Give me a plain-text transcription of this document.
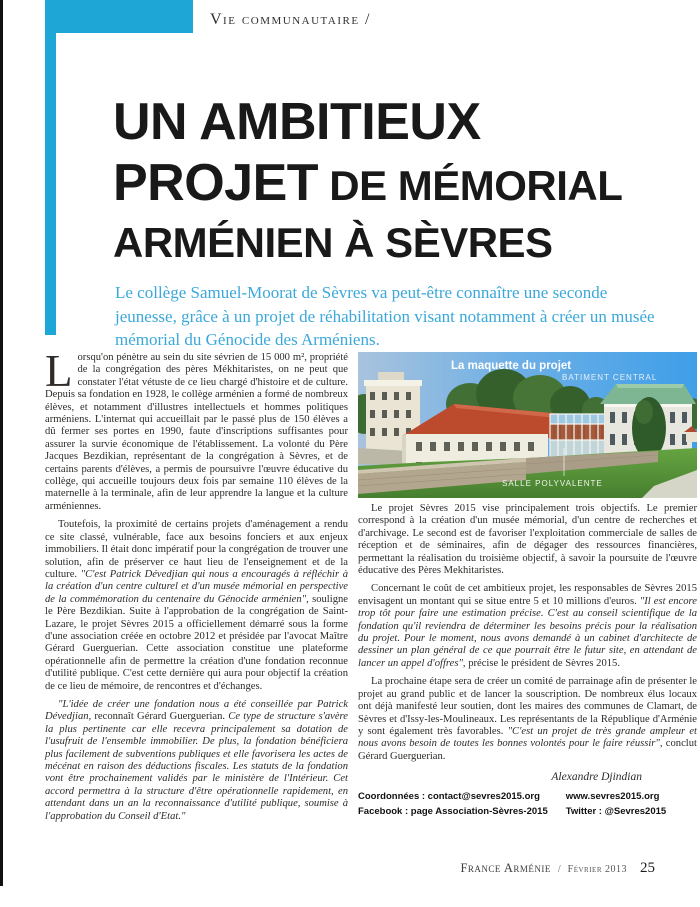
Vie communautaire /
UN AMBITIEUX
PROJET DE MÉMORIAL
ARMÉNIEN À SÈVRES
Le collège Samuel-Moorat de Sèvres va peut-être connaître une seconde jeunesse, grâce à un projet de réhabilitation visant notamment à créer un musée mémorial du Génocide des Arméniens.

Lorsqu'on pénètre au sein du site sévrien de 15 000 m², propriété de la congrégation des pères Mékhitaristes, on ne peut que constater l'état vétuste de ce lieu chargé d'histoire et de culture. Depuis sa fondation en 1928, le collège arménien a formé de nombreux élèves, et notamment d'illustres intellectuels et hommes politiques arméniens. L'internat qui accueillait par le passé plus de 150 élèves a dû fermer ses portes en 1990, faute d'inscriptions suffisantes pour assurer la survie économique de l'établissement. La volonté du Père Jacques Bezdikian, représentant de la congrégation à Sèvres, et de certains parents d'élèves, a permis de poursuivre l'œuvre éducative du collège, qui accueille toujours deux fois par semaine 110 élèves de la maternelle à la terminale, afin de leur apprendre la langue et la culture arméniennes.

Toutefois, la proximité de certains projets d'aménagement a rendu ce site classé, vulnérable, face aux besoins fonciers et aux enjeux immobiliers. Il était donc impératif pour la congrégation de trouver une solution, afin de préserver ce haut lieu de l'enseignement et de la culture. "C'est Patrick Dévedjian qui nous a encouragés à réfléchir à la création d'un centre culturel et d'un musée mémorial en perspective de la commémoration du centenaire du Génocide arménien", souligne le Père Bezdikian. Suite à l'approbation de la congrégation de Saint-Lazare, le projet Sèvres 2015 a officiellement démarré sous la forme d'une association créée en octobre 2012 et présidée par l'avocat Maître Gérard Guerguerian. Cette association constitue une plateforme opérationnelle afin de permettre la création d'une fondation reconnue d'utilité publique. C'est cette dernière qui aura pour objectif la création de ce lieu de mémoire, de rencontres et d'échanges.

"L'idée de créer une fondation nous a été conseillée par Patrick Dévedjian, reconnaît Gérard Guerguerian. Ce type de structure s'avère la plus pertinente car elle recevra principalement sa dotation de l'usufruit de l'ensemble immobilier. De plus, la fondation bénéficiera plus facilement de subventions publiques et elle favorisera les actes de mécénat en raison des déductions fiscales. Les statuts de la fondation vont être prochainement validés par le ministère de l'Intérieur. Cet accord permettra à la structure d'être opérationnelle rapidement, en attendant dans un an la reconnaissance d'utilité publique, soumise à l'approbation du Conseil d'Etat."

La maquette du projet
BATIMENT CENTRAL
SALLE POLYVALENTE

Le projet Sèvres 2015 vise principalement trois objectifs. Le premier correspond à la création d'un musée mémorial, d'un centre de recherches et d'archivage. Le second est de favoriser l'exploitation commerciale de salles de réception et de séminaires, afin de dégager des ressources financières, permettant la réalisation du troisième objectif, à savoir la poursuite de l'œuvre éducative des Pères Mekhitaristes.

Concernant le coût de cet ambitieux projet, les responsables de Sèvres 2015 envisagent un montant qui se situe entre 5 et 10 millions d'euros. "Il est encore trop tôt pour faire une estimation précise. C'est au conseil scientifique de la fondation qu'il reviendra de déterminer les besoins précis pour la réalisation du projet. Pour le moment, nous avons demandé à un cabinet d'architecte de dessiner un plan général de ce que pourrait être le futur site, en attendant de lancer un appel d'offres", précise le président de Sèvres 2015.

La prochaine étape sera de créer un comité de parrainage afin de présenter le projet au grand public et de lancer la souscription. De nombreux élus locaux ont déjà manifesté leur soutien, dont les maires des communes de Clamart, de Sèvres et d'Issy-les-Moulineaux. Les représentants de la République d'Arménie y sont également très favorables. "C'est un projet de très grande ampleur et nous avons besoin de toutes les bonnes volontés pour le faire réussir", conclut Gérard Guerguerian.

Alexandre Djindian
Coordonnées : contact@sevres2015.org	www.sevres2015.org
Facebook : page Association-Sèvres-2015 Twitter : @Sevres2015
France Arménie / Février 2013 25
